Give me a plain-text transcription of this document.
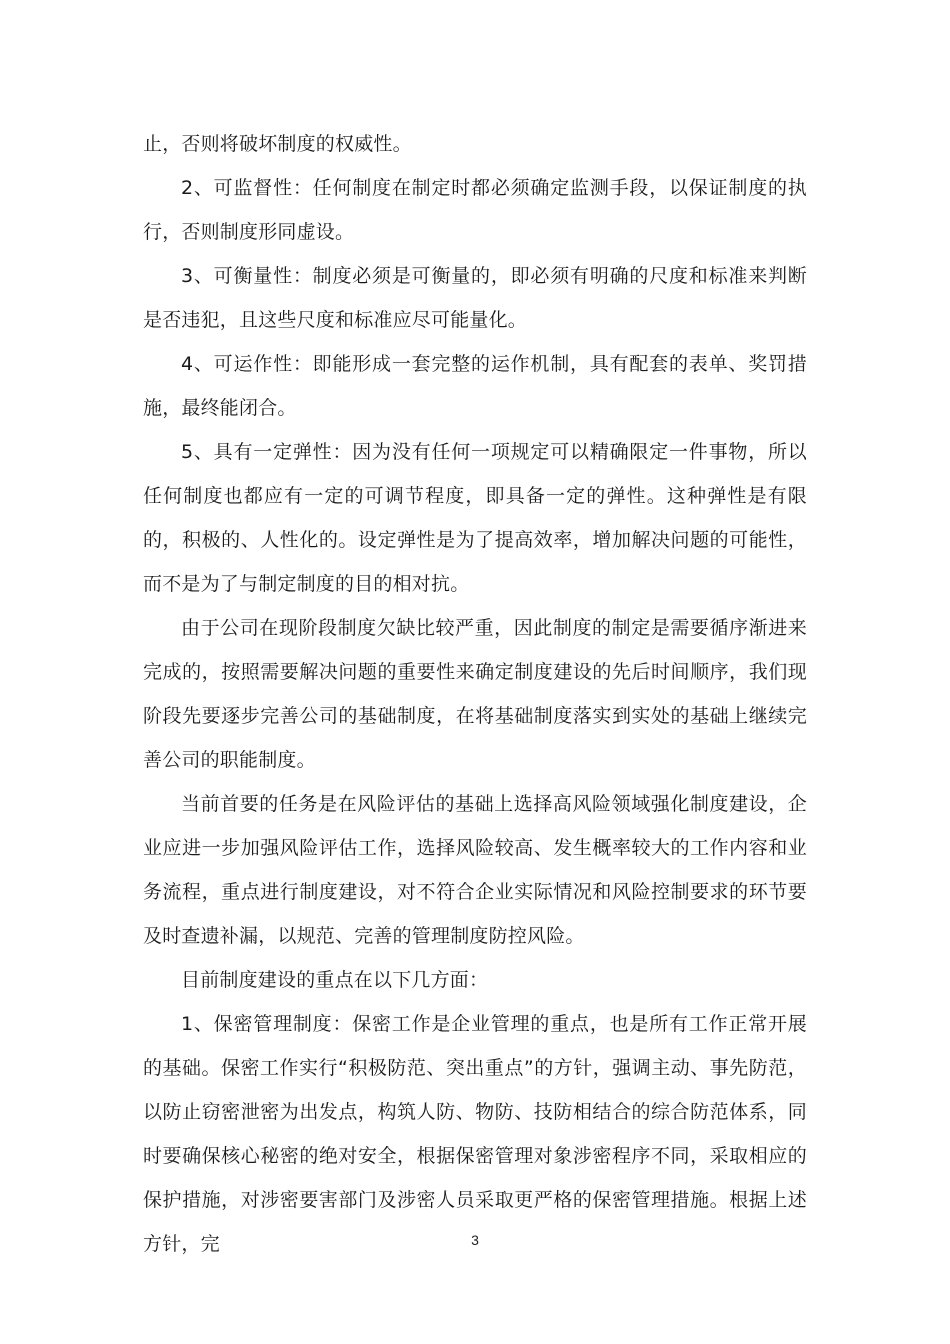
止，否则将破坏制度的权威性。

2、可监督性：任何制度在制定时都必须确定监测手段，以保证制度的执行，否则制度形同虚设。

3、可衡量性：制度必须是可衡量的，即必须有明确的尺度和标准来判断是否违犯，且这些尺度和标准应尽可能量化。

4、可运作性：即能形成一套完整的运作机制，具有配套的表单、奖罚措施，最终能闭合。

5、具有一定弹性：因为没有任何一项规定可以精确限定一件事物，所以任何制度也都应有一定的可调节程度，即具备一定的弹性。这种弹性是有限的，积极的、人性化的。设定弹性是为了提高效率，增加解决问题的可能性，而不是为了与制定制度的目的相对抗。

由于公司在现阶段制度欠缺比较严重，因此制度的制定是需要循序渐进来完成的，按照需要解决问题的重要性来确定制度建设的先后时间顺序，我们现阶段先要逐步完善公司的基础制度，在将基础制度落实到实处的基础上继续完善公司的职能制度。

当前首要的任务是在风险评估的基础上选择高风险领域强化制度建设，企业应进一步加强风险评估工作，选择风险较高、发生概率较大的工作内容和业务流程，重点进行制度建设，对不符合企业实际情况和风险控制要求的环节要及时查遗补漏，以规范、完善的管理制度防控风险。

目前制度建设的重点在以下几方面：

1、保密管理制度：保密工作是企业管理的重点，也是所有工作正常开展的基础。保密工作实行“积极防范、突出重点”的方针，强调主动、事先防范，以防止窃密泄密为出发点，构筑人防、物防、技防相结合的综合防范体系，同时要确保核心秘密的绝对安全，根据保密管理对象涉密程序不同，采取相应的保护措施，对涉密要害部门及涉密人员采取更严格的保密管理措施。根据上述方针，完	3
